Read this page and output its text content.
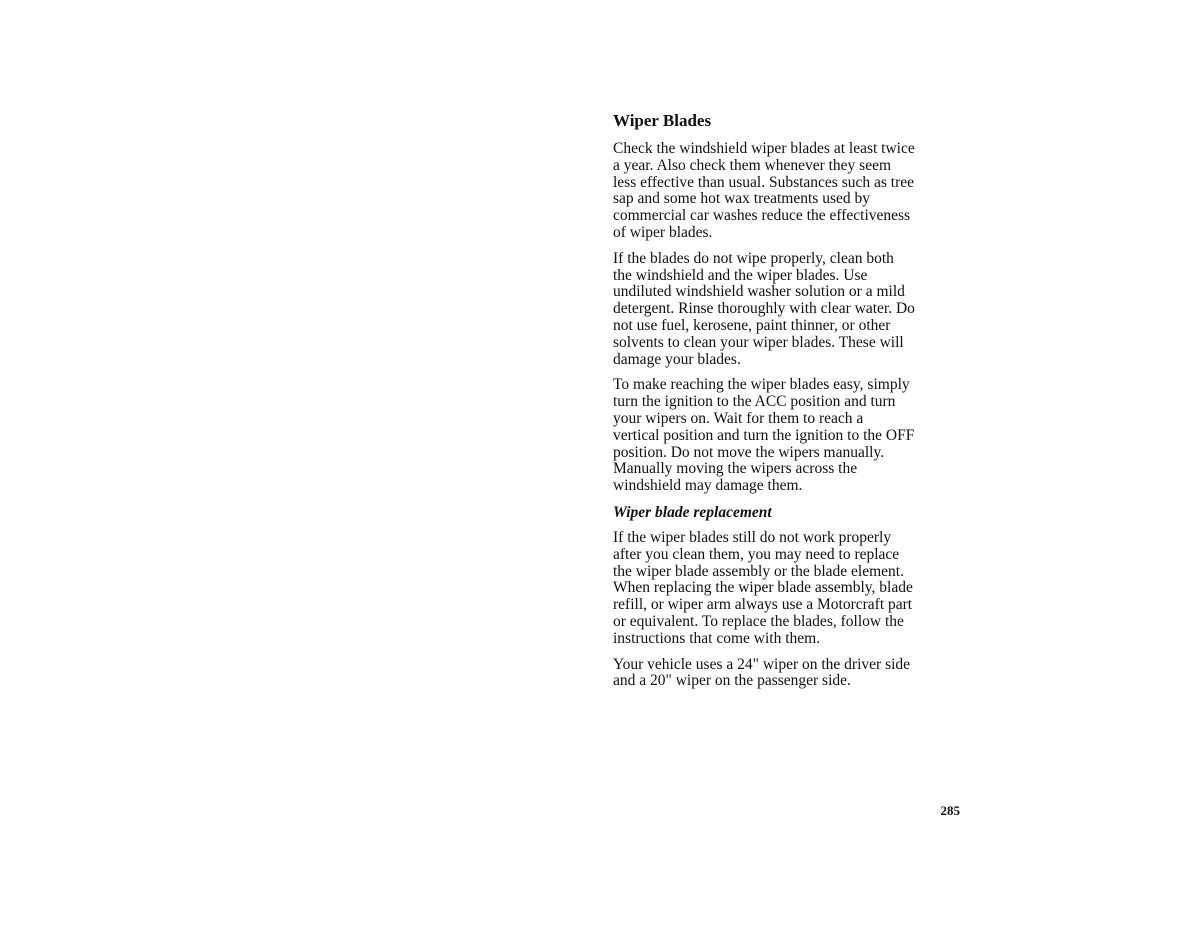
Wiper Blades

Check the windshield wiper blades at least twice
a year. Also check them whenever they seem
less effective than usual. Substances such as tree
sap and some hot wax treatments used by
commercial car washes reduce the effectiveness
of wiper blades.

If the blades do not wipe properly, clean both
the windshield and the wiper blades. Use
undiluted windshield washer solution or a mild
detergent. Rinse thoroughly with clear water. Do
not use fuel, kerosene, paint thinner, or other
solvents to clean your wiper blades. These will
damage your blades.

To make reaching the wiper blades easy, simply
turn the ignition to the ACC position and turn
your wipers on. Wait for them to reach a
vertical position and turn the ignition to the OFF
position. Do not move the wipers manually.
Manually moving the wipers across the
windshield may damage them.

Wiper blade replacement

If the wiper blades still do not work properly
after you clean them, you may need to replace
the wiper blade assembly or the blade element.
When replacing the wiper blade assembly, blade
refill, or wiper arm always use a Motorcraft part
or equivalent. To replace the blades, follow the
instructions that come with them.

Your vehicle uses a 24" wiper on the driver side
and a 20" wiper on the passenger side.

285
